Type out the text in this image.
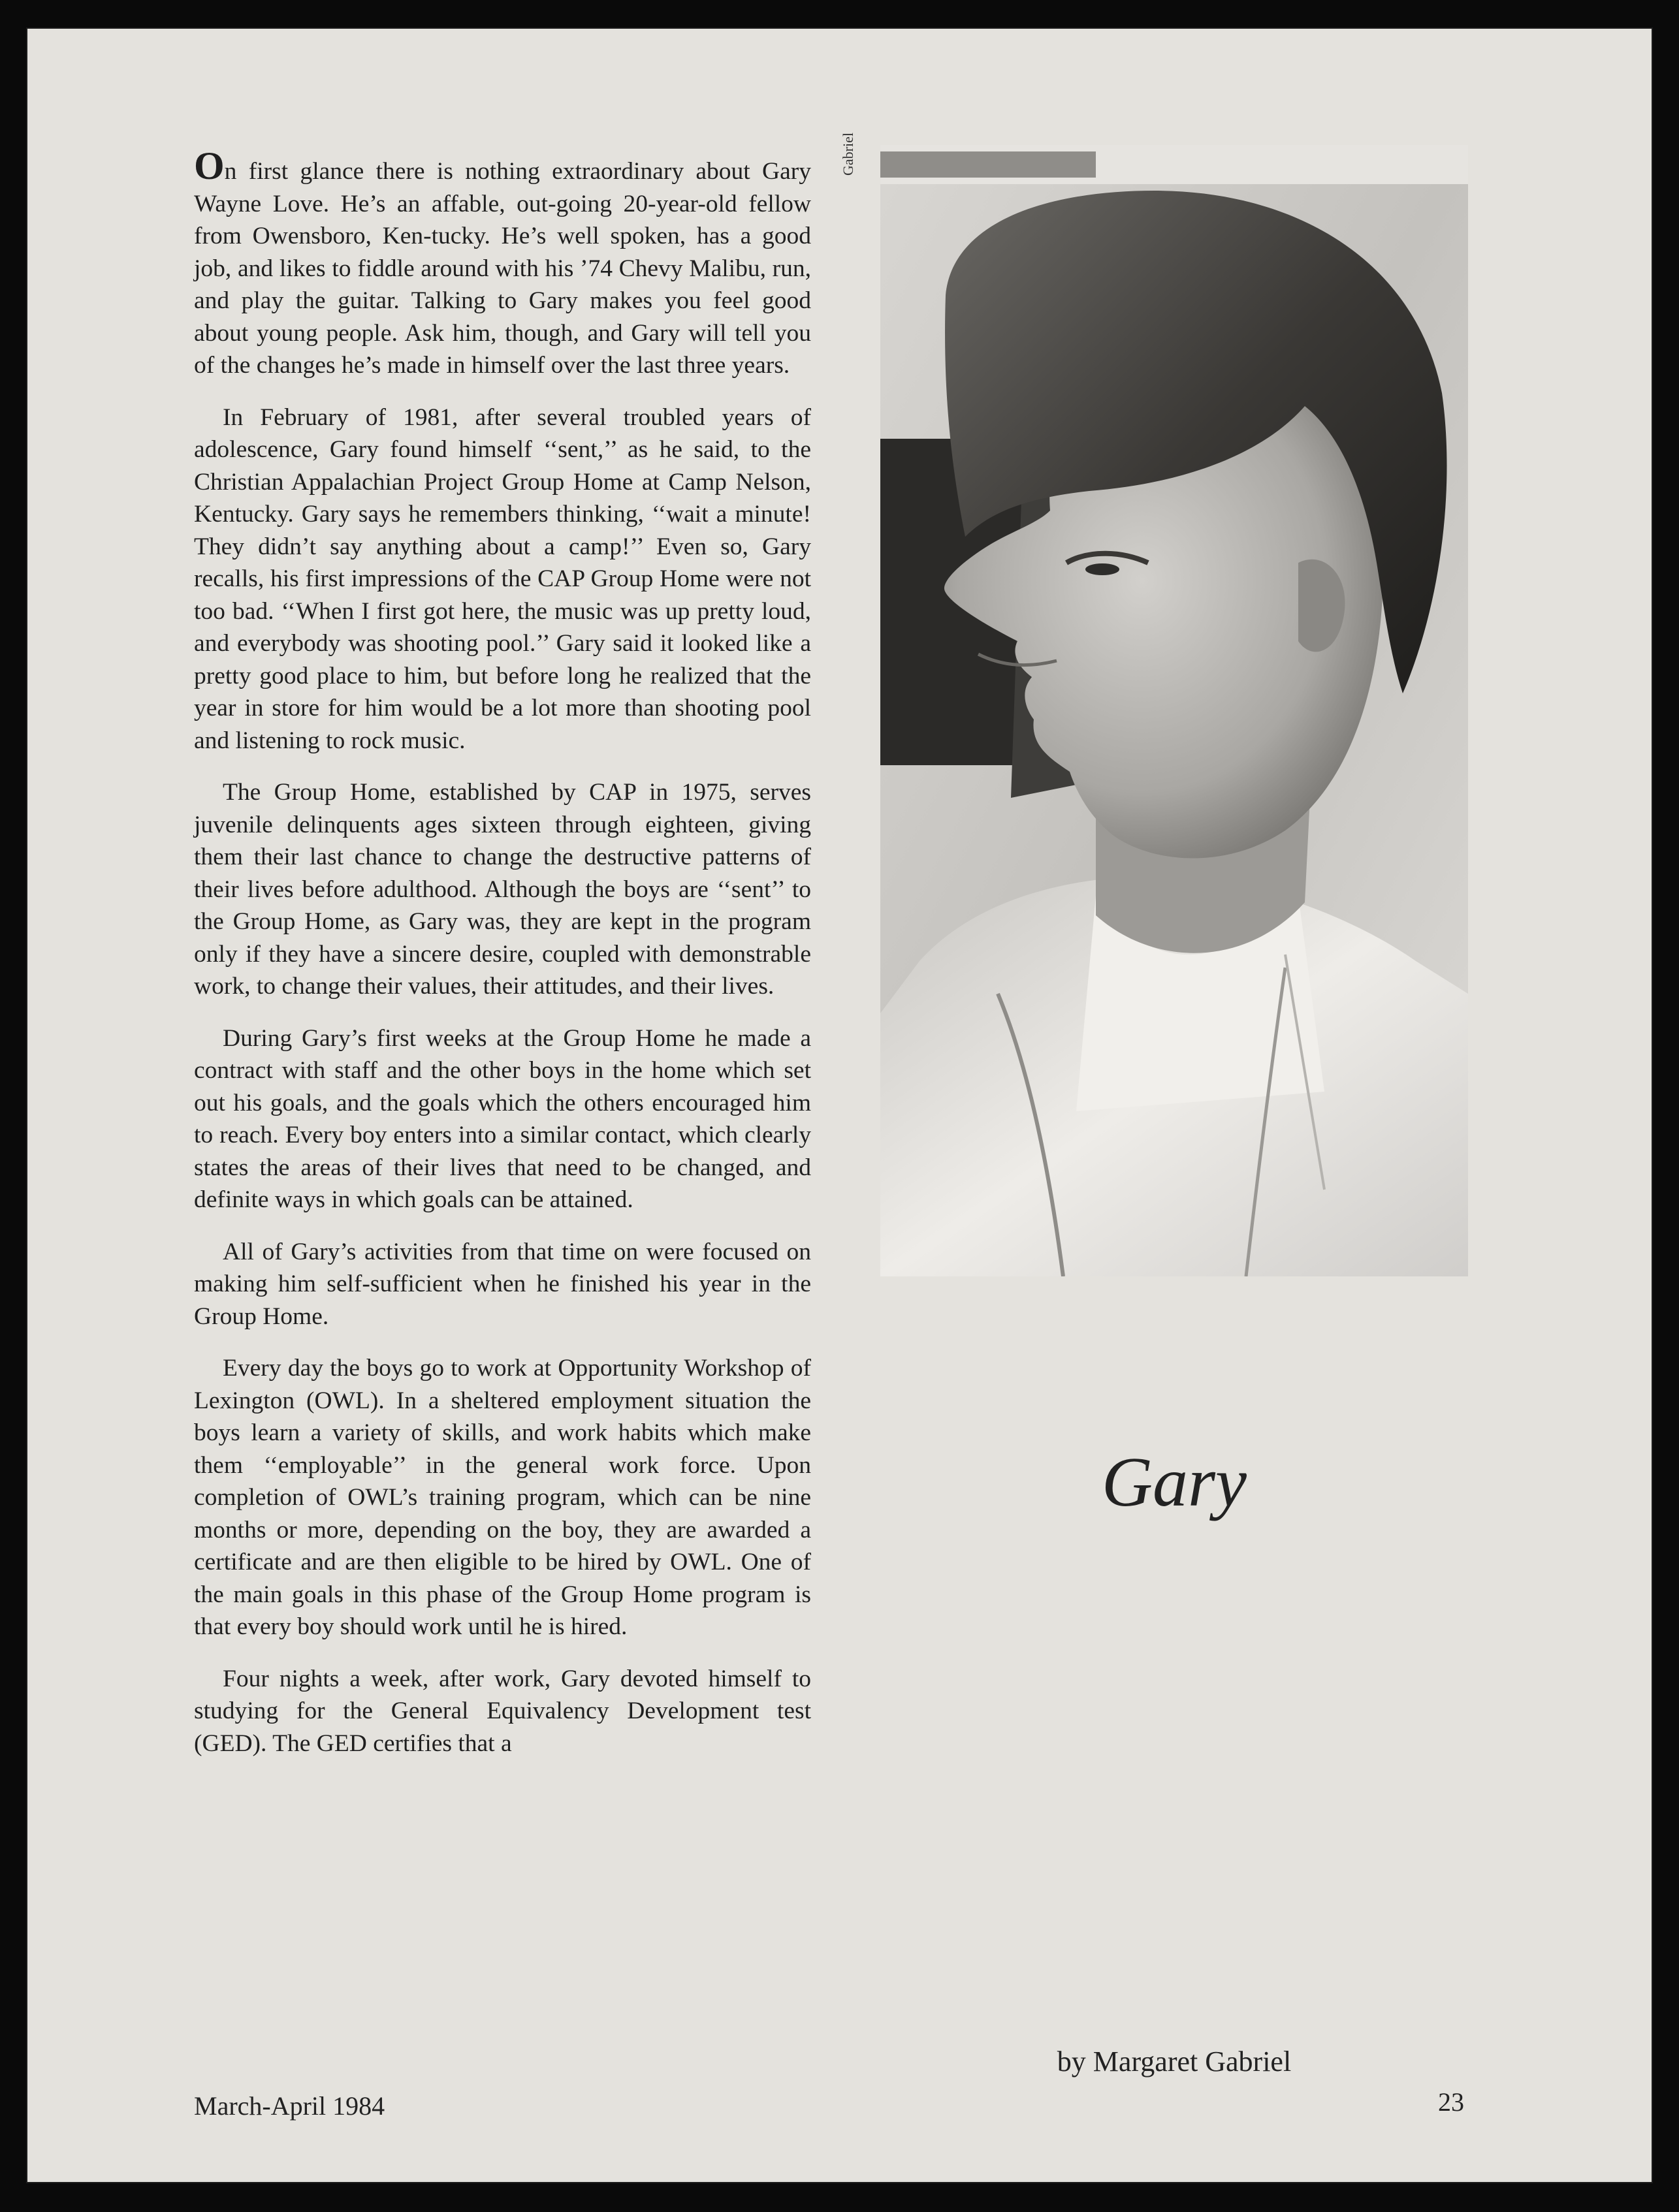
On first glance there is nothing extraordinary about Gary Wayne Love. He’s an affable, out-going 20-year-old fellow from Owensboro, Ken-tucky. He’s well spoken, has a good job, and likes to fiddle around with his ’74 Chevy Malibu, run, and play the guitar. Talking to Gary makes you feel good about young people. Ask him, though, and Gary will tell you of the changes he’s made in himself over the last three years.

In February of 1981, after several troubled years of adolescence, Gary found himself ‘‘sent,’’ as he said, to the Christian Appalachian Project Group Home at Camp Nelson, Kentucky. Gary says he remembers thinking, ‘‘wait a minute! They didn’t say anything about a camp!’’ Even so, Gary recalls, his first impressions of the CAP Group Home were not too bad. ‘‘When I first got here, the music was up pretty loud, and everybody was shooting pool.’’ Gary said it looked like a pretty good place to him, but before long he realized that the year in store for him would be a lot more than shooting pool and listening to rock music.

The Group Home, established by CAP in 1975, serves juvenile delinquents ages sixteen through eighteen, giving them their last chance to change the destructive patterns of their lives before adulthood. Although the boys are ‘‘sent’’ to the Group Home, as Gary was, they are kept in the program only if they have a sincere desire, coupled with demonstrable work, to change their values, their attitudes, and their lives.

During Gary’s first weeks at the Group Home he made a contract with staff and the other boys in the home which set out his goals, and the goals which the others encouraged him to reach. Every boy enters into a similar contact, which clearly states the areas of their lives that need to be changed, and definite ways in which goals can be attained.

All of Gary’s activities from that time on were focused on making him self-sufficient when he finished his year in the Group Home.

Every day the boys go to work at Opportunity Workshop of Lexington (OWL). In a sheltered employment situation the boys learn a variety of skills, and work habits which make them ‘‘employable’’ in the general work force. Upon completion of OWL’s training program, which can be nine months or more, depending on the boy, they are awarded a certificate and are then eligible to be hired by OWL. One of the main goals in this phase of the Group Home program is that every boy should work until he is hired.

Four nights a week, after work, Gary devoted himself to studying for the General Equivalency Development test (GED). The GED certifies that a

Gabriel
Gary
by Margaret Gabriel
March-April 1984	23
